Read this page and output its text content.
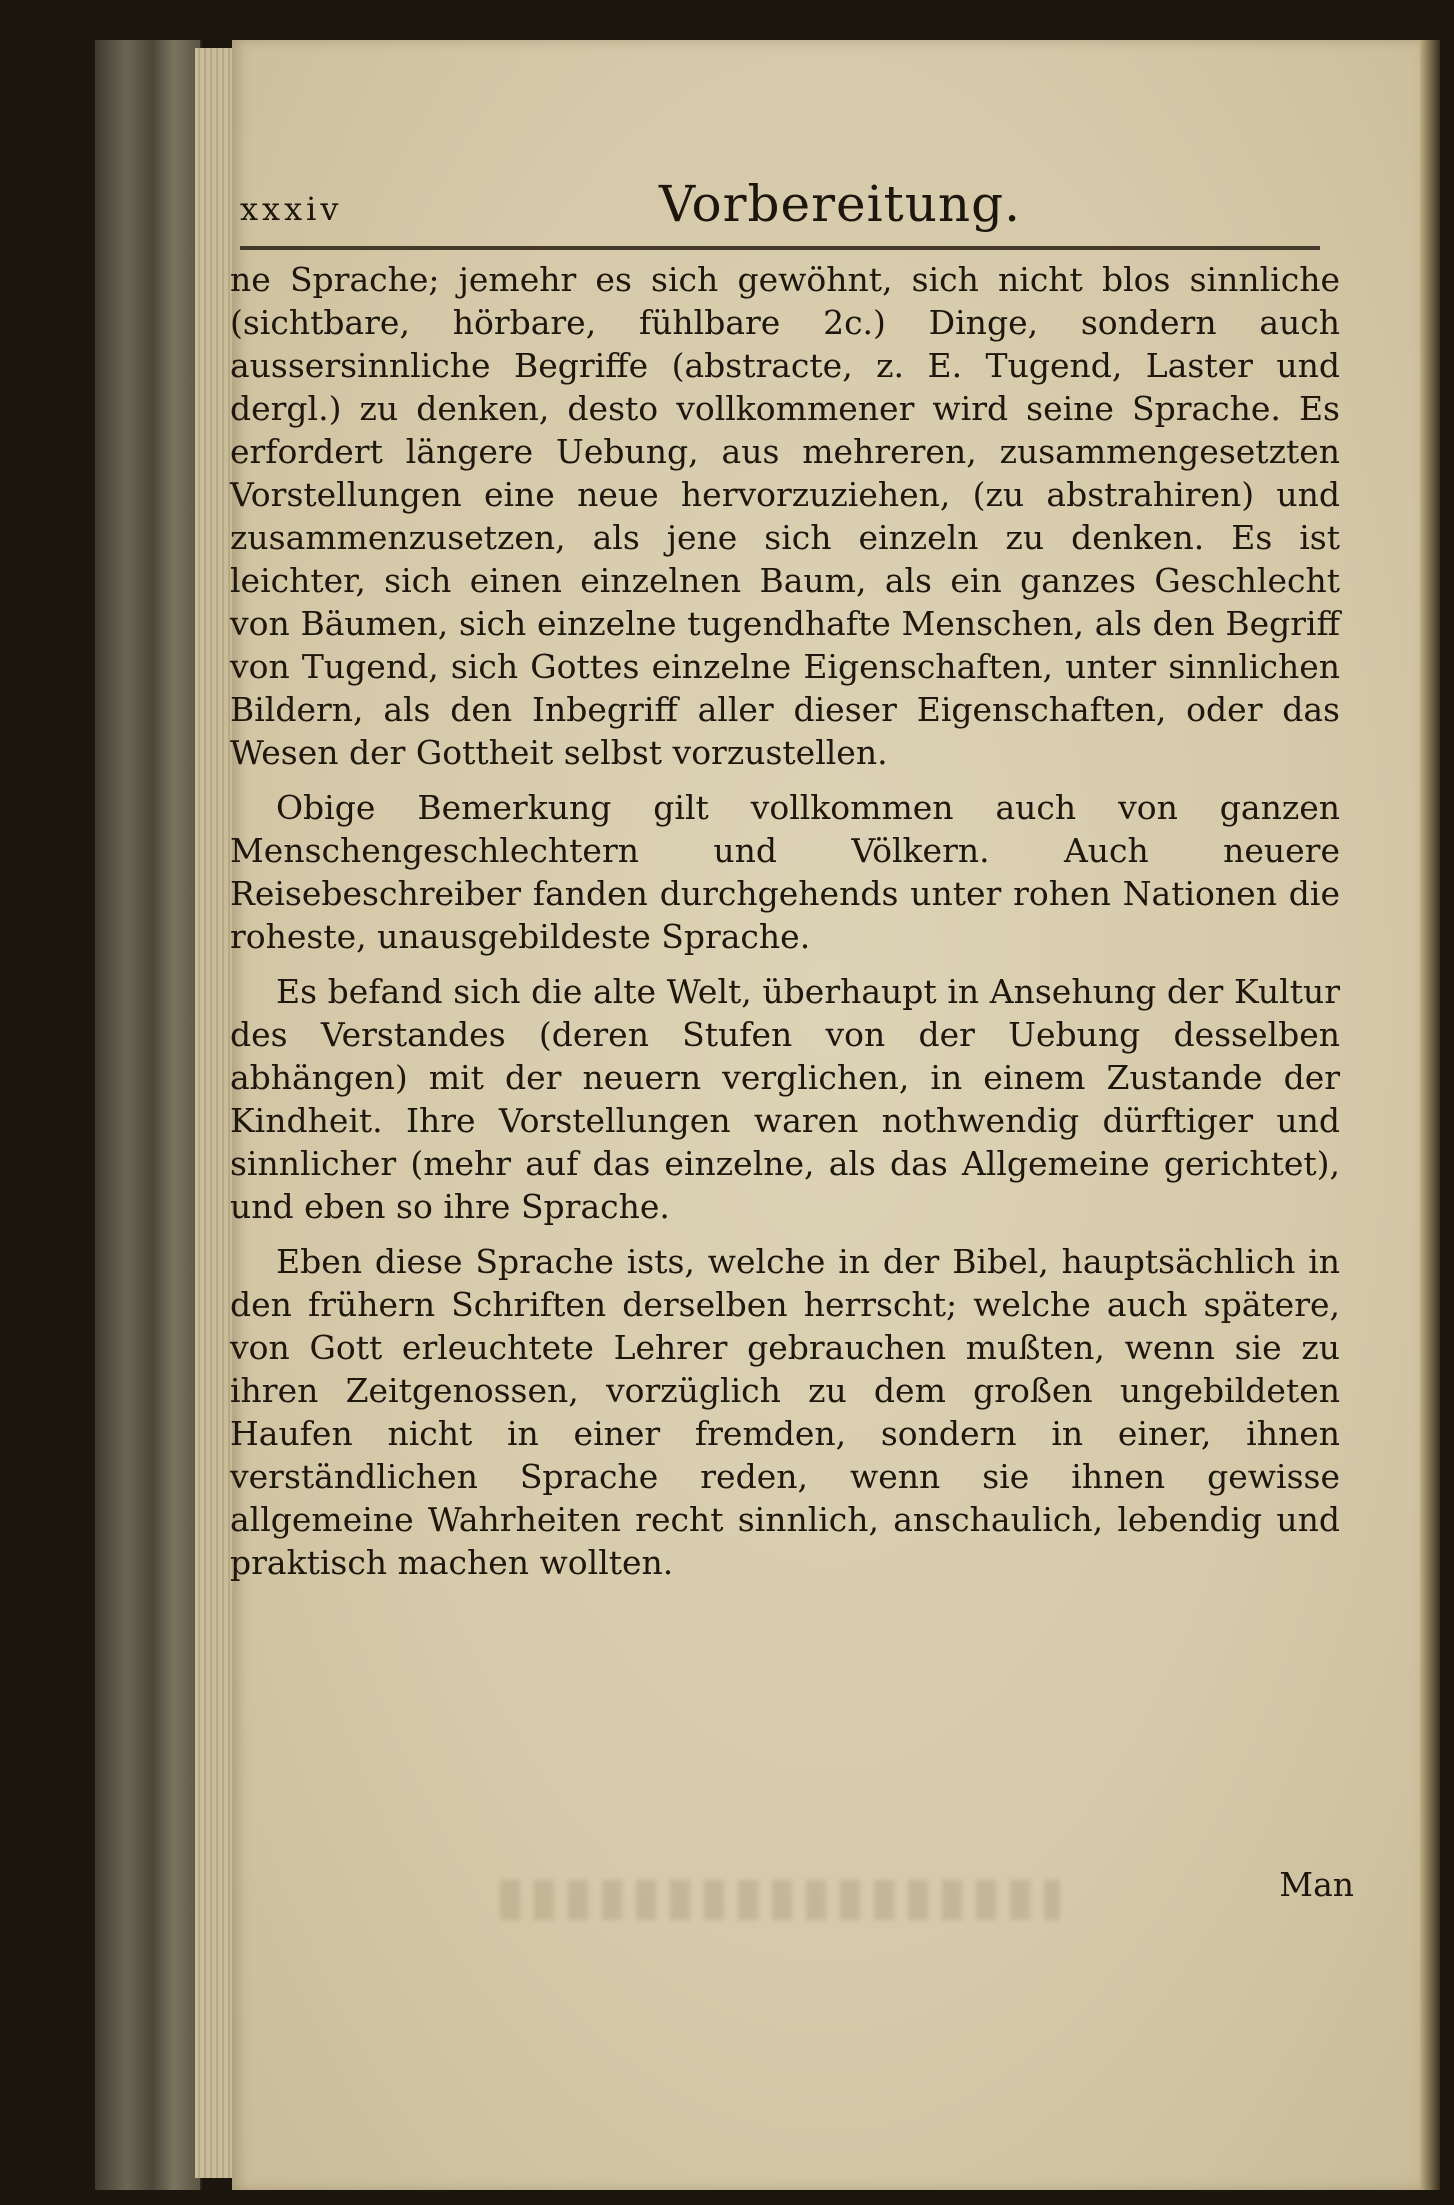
xxxiv	Vorbereitung.

ne Sprache; jemehr es sich gewöhnt, sich nicht blos sinnliche (sichtbare, hörbare, fühlbare 2c.) Dinge, sondern auch aussersinnliche Begriffe (abstracte, z. E. Tugend, Laster und dergl.) zu denken, desto vollkommener wird seine Sprache. Es erfordert längere Uebung, aus mehreren, zusammengesetzten Vorstellungen eine neue hervorzuziehen, (zu abstrahiren) und zusammenzusetzen, als jene sich einzeln zu denken. Es ist leichter, sich einen einzelnen Baum, als ein ganzes Geschlecht von Bäumen, sich einzelne tugendhafte Menschen, als den Begriff von Tugend, sich Gottes einzelne Eigenschaften, unter sinnlichen Bildern, als den Inbegriff aller dieser Eigenschaften, oder das Wesen der Gottheit selbst vorzustellen.

Obige Bemerkung gilt vollkommen auch von ganzen Menschengeschlechtern und Völkern. Auch neuere Reisebeschreiber fanden durchgehends unter rohen Nationen die roheste, unausgebildeste Sprache.

Es befand sich die alte Welt, überhaupt in Ansehung der Kultur des Verstandes (deren Stufen von der Uebung desselben abhängen) mit der neuern verglichen, in einem Zustande der Kindheit. Ihre Vorstellungen waren nothwendig dürftiger und sinnlicher (mehr auf das einzelne, als das Allgemeine gerichtet), und eben so ihre Sprache.

Eben diese Sprache ists, welche in der Bibel, hauptsächlich in den frühern Schriften derselben herrscht; welche auch spätere, von Gott erleuchtete Lehrer gebrauchen mußten, wenn sie zu ihren Zeitgenossen, vorzüglich zu dem großen ungebildeten Haufen nicht in einer fremden, sondern in einer, ihnen verständlichen Sprache reden, wenn sie ihnen gewisse allgemeine Wahrheiten recht sinnlich, anschaulich, lebendig und praktisch machen wollten.

Man
